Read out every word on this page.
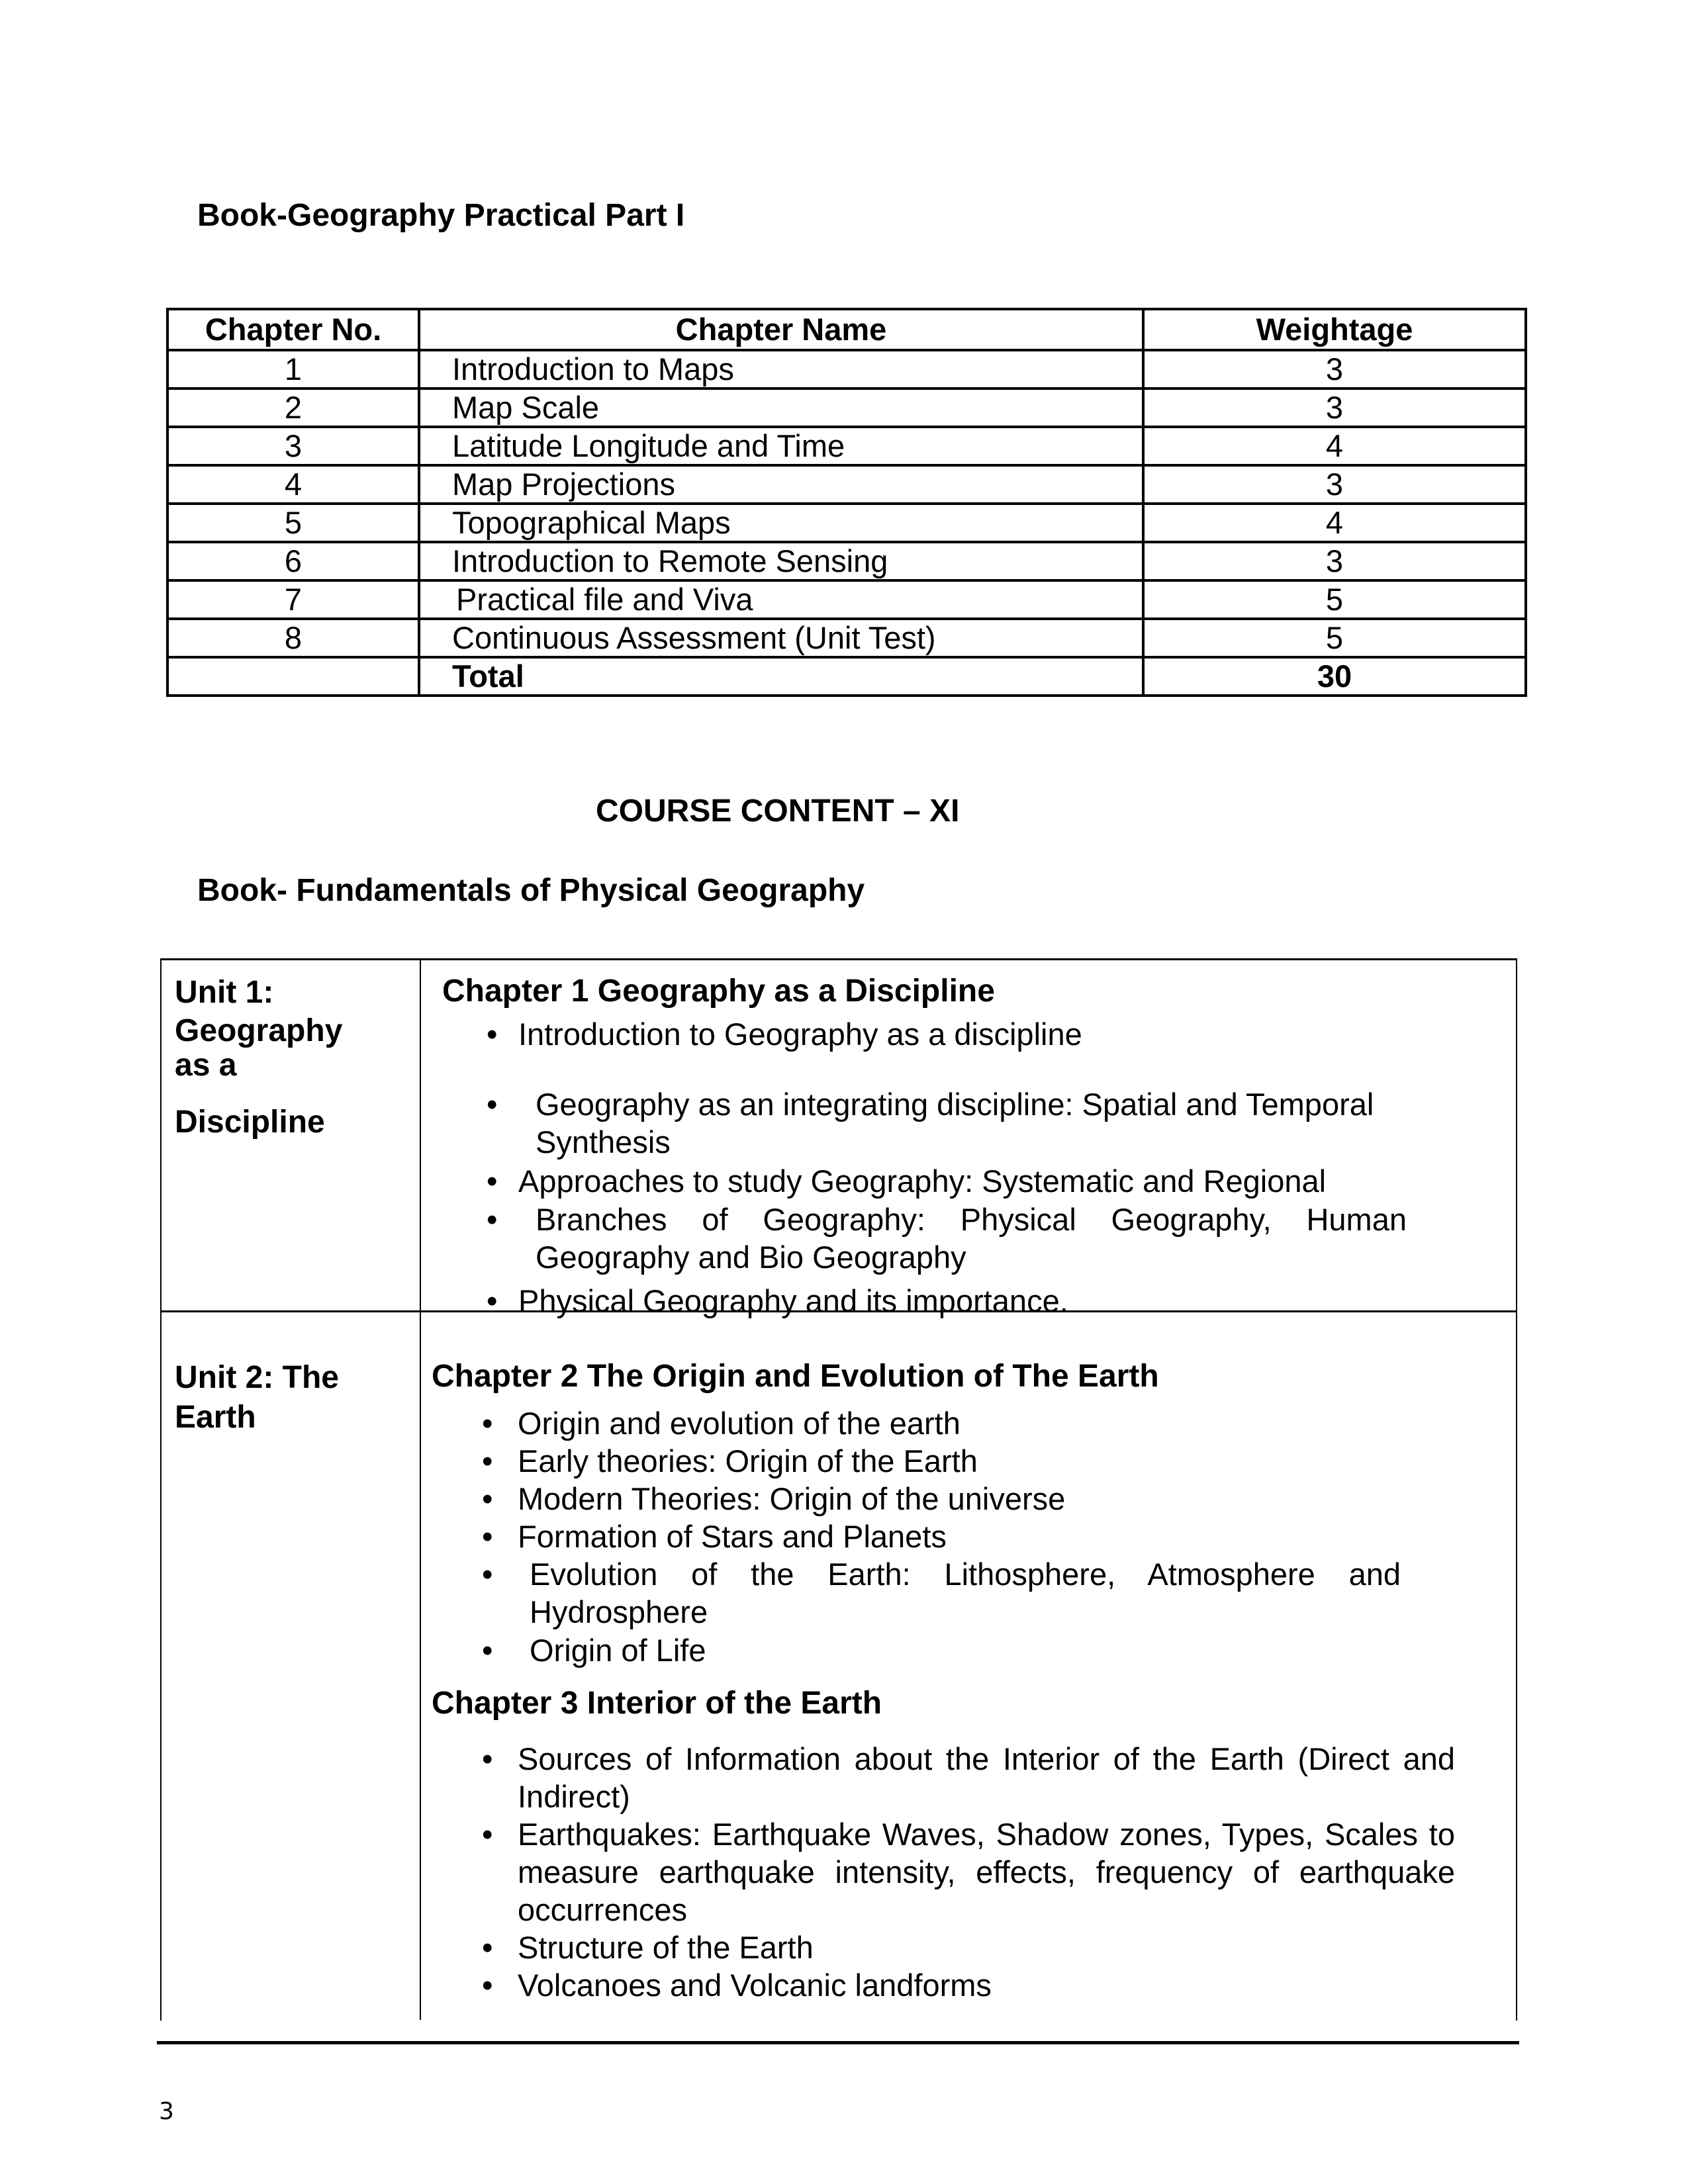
Book-Geography Practical Part I
Chapter No.	Chapter Name	Weightage
1	Introduction to Maps	3
2	Map Scale	3
3	Latitude Longitude and Time	4
4	Map Projections	3
5	Topographical Maps	4
6	Introduction to Remote Sensing	3
7	Practical file and Viva	5
8	Continuous Assessment (Unit Test)	5
	Total	30
COURSE CONTENT – XI
Book- Fundamentals of Physical Geography
Unit 1:
Geography
as a
Discipline
Chapter 1 Geography as a Discipline
• Introduction to Geography as a discipline
•	Geography as an integrating discipline: Spatial and Temporal Synthesis
• Approaches to study Geography: Systematic and Regional
•	Branches of Geography: Physical Geography, Human Geography and Bio Geography
• Physical Geography and its importance.
Unit 2: The
Earth
Chapter 2 The Origin and Evolution of The Earth
• Origin and evolution of the earth
• Early theories: Origin of the Earth
• Modern Theories: Origin of the universe
• Formation of Stars and Planets
•	Evolution of the Earth: Lithosphere, Atmosphere and Hydrosphere
•	Origin of Life
Chapter 3 Interior of the Earth
• Sources of Information about the Interior of the Earth (Direct and Indirect)
• Earthquakes: Earthquake Waves, Shadow zones, Types, Scales to measure earthquake intensity, effects, frequency of earthquake occurrences
• Structure of the Earth
• Volcanoes and Volcanic landforms
3
